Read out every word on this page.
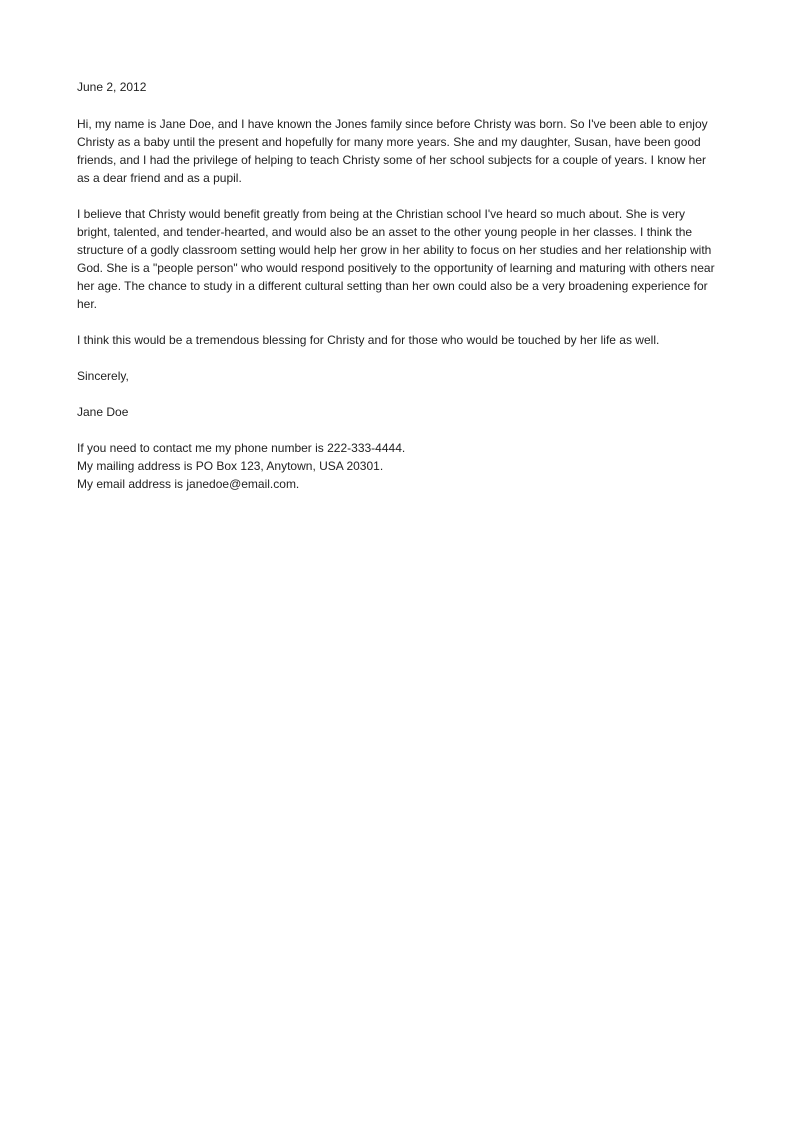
June 2, 2012

Hi, my name is Jane Doe, and I have known the Jones family since before Christy was born. So I've been able to enjoy Christy as a baby until the present and hopefully for many more years. She and my daughter, Susan, have been good friends, and I had the privilege of helping to teach Christy some of her school subjects for a couple of years. I know her as a dear friend and as a pupil.

I believe that Christy would benefit greatly from being at the Christian school I've heard so much about. She is very bright, talented, and tender-hearted, and would also be an asset to the other young people in her classes. I think the structure of a godly classroom setting would help her grow in her ability to focus on her studies and her relationship with God. She is a "people person" who would respond positively to the opportunity of learning and maturing with others near her age. The chance to study in a different cultural setting than her own could also be a very broadening experience for her.

I think this would be a tremendous blessing for Christy and for those who would be touched by her life as well.

Sincerely,

Jane Doe

If you need to contact me my phone number is 222-333-4444.
My mailing address is PO Box 123, Anytown, USA 20301.
My email address is janedoe@email.com.
